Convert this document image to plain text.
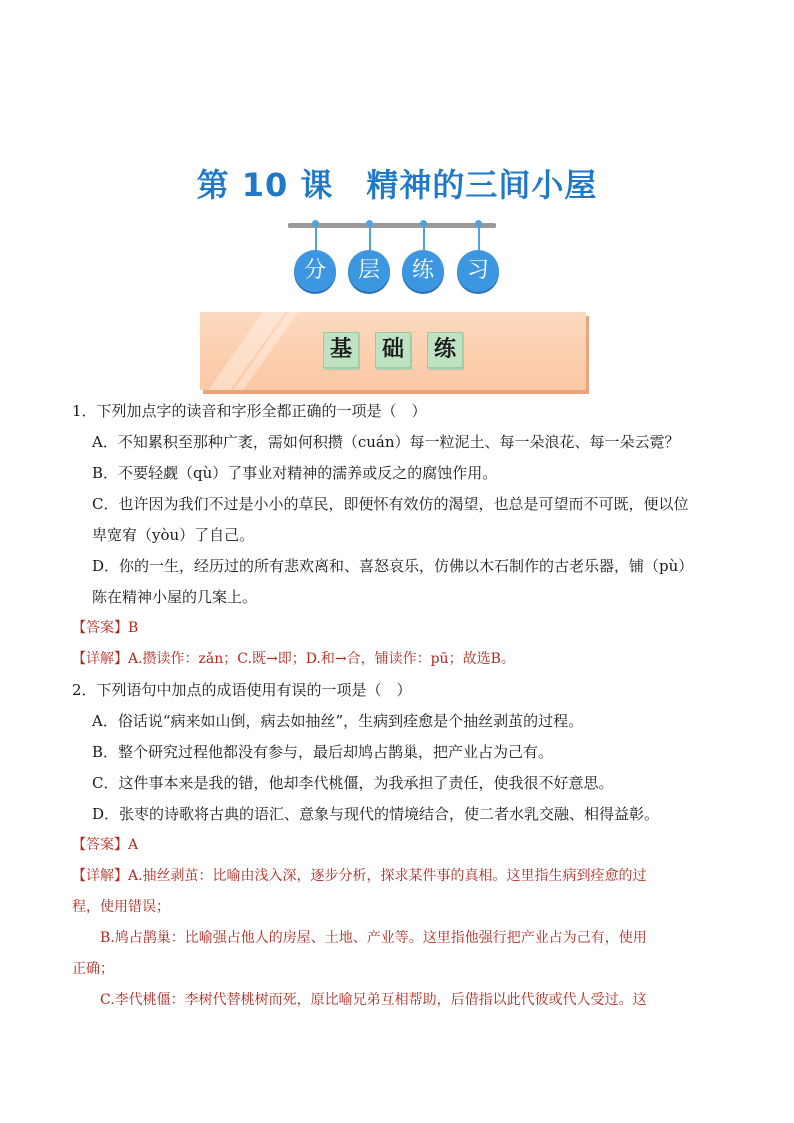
第 10 课　精神的三间小屋
分	层	练	习
基 础 练

1．下列加点字的读音和字形全都正确的一项是（　）

A．不知累积至那种广袤，需如何积攒（cuán）每一粒泥土、每一朵浪花、每一朵云霓？

B．不要轻觑（qù）了事业对精神的濡养或反之的腐蚀作用。

C．也许因为我们不过是小小的草民，即便怀有效仿的渴望，也总是可望而不可既，便以位

卑宽宥（yòu）了自己。

D．你的一生，经历过的所有悲欢离和、喜怒哀乐，仿佛以木石制作的古老乐器，铺（pù）

陈在精神小屋的几案上。

【答案】B

【详解】A.攒读作：zǎn；C.既→即；D.和→合，铺读作：pū；故选B。

2．下列语句中加点的成语使用有误的一项是（　）

A．俗话说“病来如山倒，病去如抽丝”，生病到痊愈是个抽丝剥茧的过程。

B．整个研究过程他都没有参与，最后却鸠占鹊巢，把产业占为己有。

C．这件事本来是我的错，他却李代桃僵，为我承担了责任，使我很不好意思。

D．张枣的诗歌将古典的语汇、意象与现代的情境结合，使二者水乳交融、相得益彰。

【答案】A

【详解】A.抽丝剥茧：比喻由浅入深，逐步分析，探求某件事的真相。这里指生病到痊愈的过

程，使用错误；

B.鸠占鹊巢：比喻强占他人的房屋、土地、产业等。这里指他强行把产业占为己有，使用

正确；

C.李代桃僵：李树代替桃树而死，原比喻兄弟互相帮助，后借指以此代彼或代人受过。这
